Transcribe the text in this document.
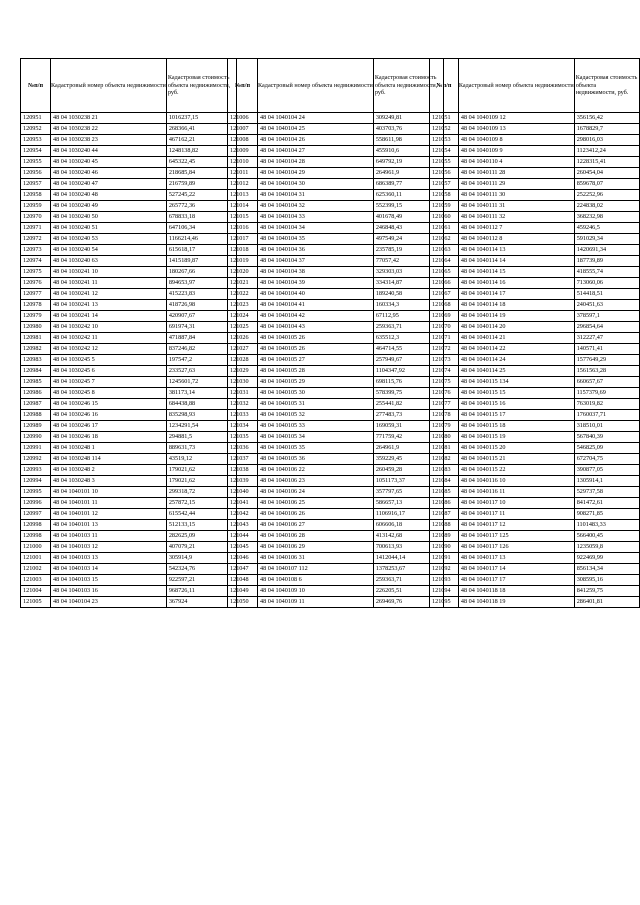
№п/п	Кадастровый номер объекта недвижимости	Кадастровая стоимость объекта недвижимости, руб.
120951	48 04 1030238 21	1016237,15
120952	48 04 1030238 22	268366,41
120953	48 04 1030238 23	467162,21
120954	48 04 1030240 44	1248138,82
120955	48 04 1030240 45	645322,45
120956	48 04 1030240 46	218685,84
120957	48 04 1030240 47	216759,89
120958	48 04 1030240 48	527245,22
120959	48 04 1030240 49	265772,36
120970	48 04 1030240 50	678833,18
120971	48 04 1030240 51	647106,34
120972	48 04 1030240 53	1166214,46
120973	48 04 1030240 54	615618,17
120974	48 04 1030240 63	1415189,87
120975	48 04 1030241 10	180267,66
120976	48 04 1030241 11	894653,97
120977	48 04 1030241 12	415223,83
120978	48 04 1030241 13	418726,98
120979	48 04 1030241 14	420907,67
120980	48 04 1030242 10	691974,31
120981	48 04 1030242 11	471887,84
120982	48 04 1030242 12	837246,82
120983	48 04 1030245 5	197547,2
120984	48 04 1030245 6	233527,63
120985	48 04 1030245 7	1245601,72
120986	48 04 1030245 8	381173,14
120987	48 04 1030246 15	684438,88
120988	48 04 1030246 16	835298,93
120989	48 04 1030246 17	1234291,54
120990	48 04 1030246 18	294881,5
120991	48 04 1030248 1	889631,73
120992	48 04 1030248 114	43519,12
120993	48 04 1030248 2	179021,62
120994	48 04 1030248 3	179021,62
120995	48 04 1040101 10	299318,72
120996	48 04 1040101 11	257872,15
120997	48 04 1040101 12	615542,44
120998	48 04 1040101 13	512133,15
120998	48 04 1040103 11	282625,09
121000	48 04 1040103 12	407079,21
121001	48 04 1040103 13	305914,9
121002	48 04 1040103 14	542324,76
121003	48 04 1040103 15	922597,21
121004	48 04 1040103 16	968726,11
121005	48 04 1040104 23	367924
№п/п	Кадастровый номер объекта недвижимости	Кадастровая стоимость объекта недвижимости, руб.
121006	48 04 1040104 24	309249,81
121007	48 04 1040104 25	403703,76
121008	48 04 1040104 26	558611,98
121009	48 04 1040104 27	455910,6
121010	48 04 1040104 28	649792,19
121011	48 04 1040104 29	264961,9
121012	48 04 1040104 30	686389,77
121013	48 04 1040104 31	625360,11
121014	48 04 1040104 32	552399,15
121015	48 04 1040104 33	401678,49
121016	48 04 1040104 34	246848,43
121017	48 04 1040104 35	497549,24
121018	48 04 1040104 36	235785,19
121019	48 04 1040104 37	77057,42
121020	48 04 1040104 38	329303,03
121021	48 04 1040104 39	334314,87
121022	48 04 1040104 40	189240,58
121023	48 04 1040104 41	160334,3
121024	48 04 1040104 42	67112,95
121025	48 04 1040104 43	259363,71
121026	48 04 1040105 26	635512,3
121027	48 04 1040105 26	464714,55
121028	48 04 1040105 27	257949,67
121029	48 04 1040105 28	1104347,92
121030	48 04 1040105 29	698115,76
121031	48 04 1040105 30	578399,75
121032	48 04 1040105 31	255441,82
121033	48 04 1040105 32	277483,73
121034	48 04 1040105 33	169059,31
121035	48 04 1040105 34	771759,42
121036	48 04 1040105 35	264961,9
121037	48 04 1040105 36	359229,45
121038	48 04 1040106 22	260459,28
121039	48 04 1040106 23	1051173,37
121040	48 04 1040106 24	357797,65
121041	48 04 1040106 25	586657,13
121042	48 04 1040106 26	1106916,17
121043	48 04 1040106 27	606606,18
121044	48 04 1040106 28	413142,68
121045	48 04 1040106 29	700613,93
121046	48 04 1040106 31	1412044,14
121047	48 04 1040107 112	1378253,67
121048	48 04 1040108 6	259363,71
121049	48 04 1040109 10	226205,51
121050	48 04 1040109 11	269469,76
№п/п	Кадастровый номер объекта недвижимости	Кадастровая стоимость объекта недвижимости, руб.
121051	48 04 1040109 12	356156,42
121052	48 04 1040109 13	1678829,7
121053	48 04 1040109 8	298016,03
121054	48 04 1040109 9	1123412,24
121055	48 04 1040110 4	1228315,41
121056	48 04 1040111 28	260454,04
121057	48 04 1040111 29	859678,07
121058	48 04 1040111 30	252252,96
121059	48 04 1040111 31	224838,02
121060	48 04 1040111 32	368232,98
121061	48 04 1040112 7	459246,5
121062	48 04 1040112 8	591029,34
121063	48 04 1040114 13	1420691,34
121064	48 04 1040114 14	187739,89
121065	48 04 1040114 15	418555,74
121066	48 04 1040114 16	713060,06
121067	48 04 1040114 17	514418,51
121068	48 04 1040114 18	240451,63
121069	48 04 1040114 19	378597,1
121070	48 04 1040114 20	296854,64
121071	48 04 1040114 21	312227,47
121072	48 04 1040114 22	140571,41
121073	48 04 1040114 24	1577649,29
121074	48 04 1040114 25	1561563,28
121075	48 04 1040115 134	660657,67
121076	48 04 1040115 15	1157379,69
121077	48 04 1040115 16	763019,82
121078	48 04 1040115 17	1760037,71
121079	48 04 1040115 18	318510,01
121080	48 04 1040115 19	567840,39
121081	48 04 1040115 20	546825,09
121082	48 04 1040115 21	672704,75
121083	48 04 1040115 22	390877,05
121084	48 04 1040116 10	1305914,1
121085	48 04 1040116 11	529737,58
121086	48 04 1040117 10	841472,61
121087	48 04 1040117 11	908271,85
121088	48 04 1040117 12	1101483,33
121089	48 04 1040117 125	566400,45
121090	48 04 1040117 126	1235059,8
121091	48 04 1040117 13	922469,99
121092	48 04 1040117 14	856134,34
121093	48 04 1040117 17	308595,16
121094	48 04 1040118 18	841259,75
121095	48 04 1040118 19	286401,81
